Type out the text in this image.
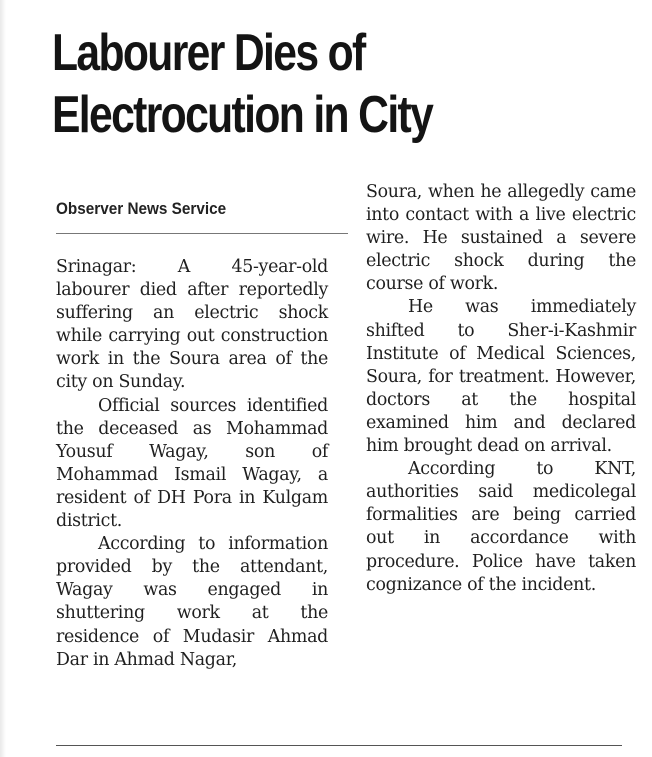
Labourer Dies of
Electrocution in City
Observer News Service

Srinagar: A 45-year-old labourer died after reportedly suffering an electric shock while carrying out construction work in the Soura area of the city on Sunday.

Official sources identified the deceased as Mohammad Yousuf Wagay, son of Mohammad Ismail Wagay, a resident of DH Pora in Kulgam district.

According to information provided by the attendant, Wagay was engaged in shuttering work at the residence of Mudasir Ahmad Dar in Ahmad Nagar,

Soura, when he allegedly came into contact with a live electric wire. He sustained a severe electric shock during the course of work.

He was immediately shifted to Sher-i-Kashmir Institute of Medical Sciences, Soura, for treatment. However, doctors at the hospital examined him and declared him brought dead on arrival.

According to KNT, authorities said medicolegal formalities are being carried out in accordance with procedure. Police have taken cognizance of the incident.
